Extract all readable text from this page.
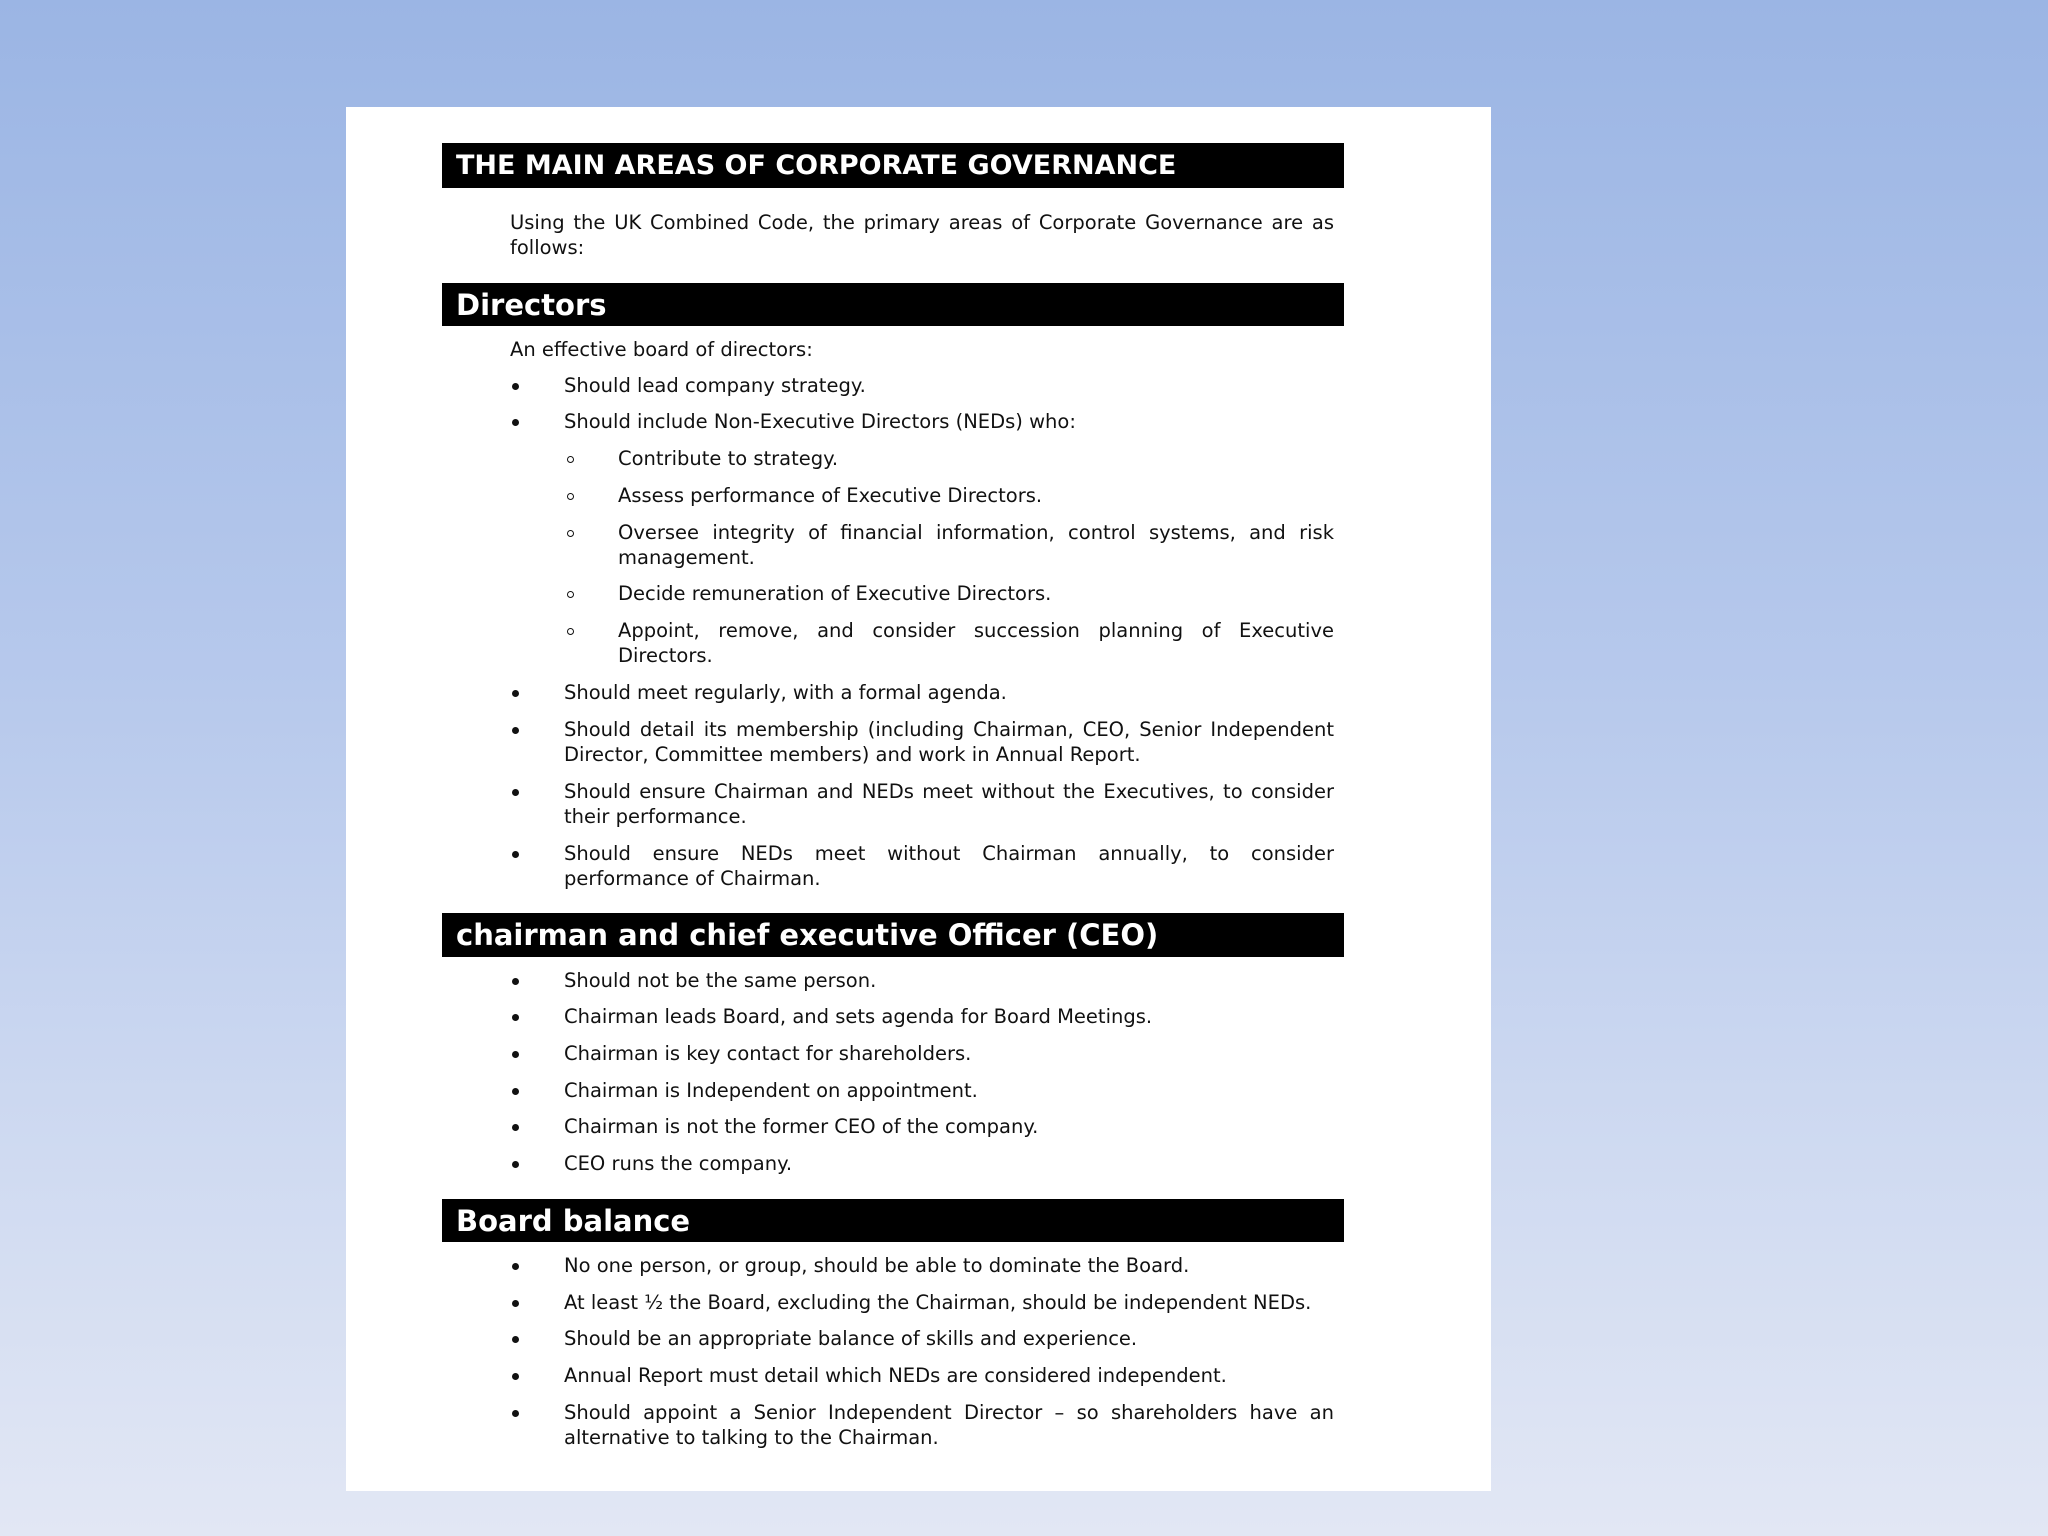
THE MAIN AREAS OF CORPORATE GOVERNANCE
Using the UK Combined Code, the primary areas of Corporate Governance are as follows:
Directors
An effective board of directors:
Should lead company strategy.
Should include Non-Executive Directors (NEDs) who:
Contribute to strategy.
Assess performance of Executive Directors.
Oversee integrity of financial information, control systems, and risk management.
Decide remuneration of Executive Directors.
Appoint, remove, and consider succession planning of Executive Directors.
Should meet regularly, with a formal agenda.
Should detail its membership (including Chairman, CEO, Senior Independent Director, Committee members) and work in Annual Report.
Should ensure Chairman and NEDs meet without the Executives, to consider their performance.
Should ensure NEDs meet without Chairman annually, to consider performance of Chairman.
chairman and chief executive Officer (CEO)
Should not be the same person.
Chairman leads Board, and sets agenda for Board Meetings.
Chairman is key contact for shareholders.
Chairman is Independent on appointment.
Chairman is not the former CEO of the company.
CEO runs the company.
Board balance
No one person, or group, should be able to dominate the Board.
At least ½ the Board, excluding the Chairman, should be independent NEDs.
Should be an appropriate balance of skills and experience.
Annual Report must detail which NEDs are considered independent.
Should appoint a Senior Independent Director – so shareholders have an alternative to talking to the Chairman.
